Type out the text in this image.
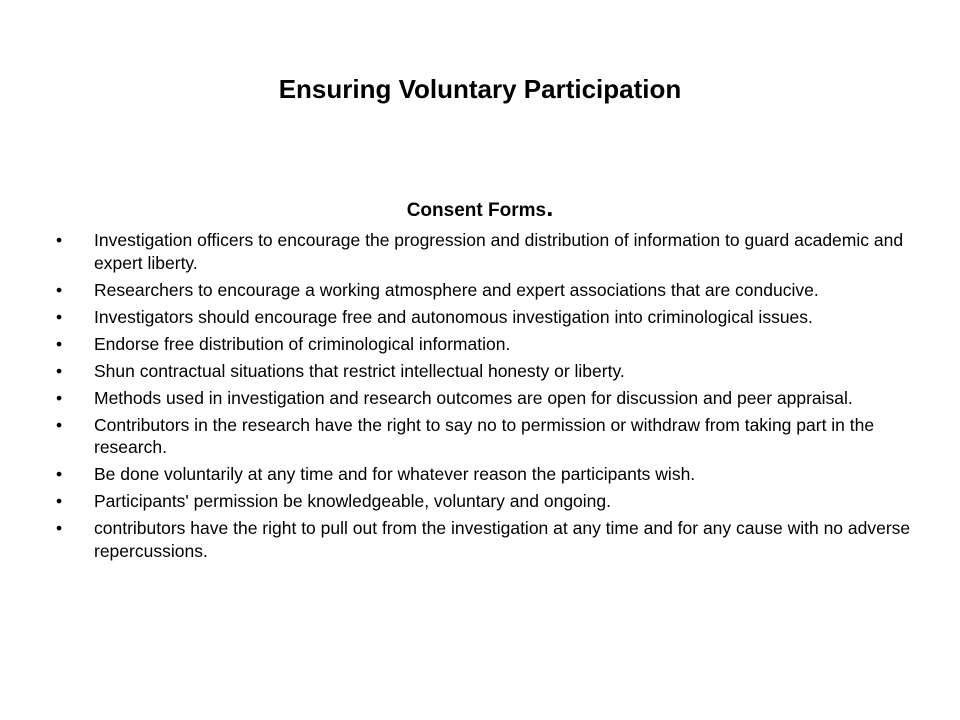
Ensuring Voluntary Participation
Consent Forms.
•	Investigation officers to encourage the progression and distribution of information to guard academic and expert liberty.
•	Researchers to encourage a working atmosphere and expert associations that are conducive.
•	Investigators should encourage free and autonomous investigation into criminological issues.
•	Endorse free distribution of criminological information.
•	Shun contractual situations that restrict intellectual honesty or liberty.
•	Methods used in investigation and research outcomes are open for discussion and peer appraisal.
•	Contributors in the research have the right to say no to permission or withdraw from taking part in the research.
•	Be done voluntarily at any time and for whatever reason the participants wish.
•	Participants' permission be knowledgeable, voluntary and ongoing.
•	contributors have the right to pull out from the investigation at any time and for any cause with no adverse repercussions.
